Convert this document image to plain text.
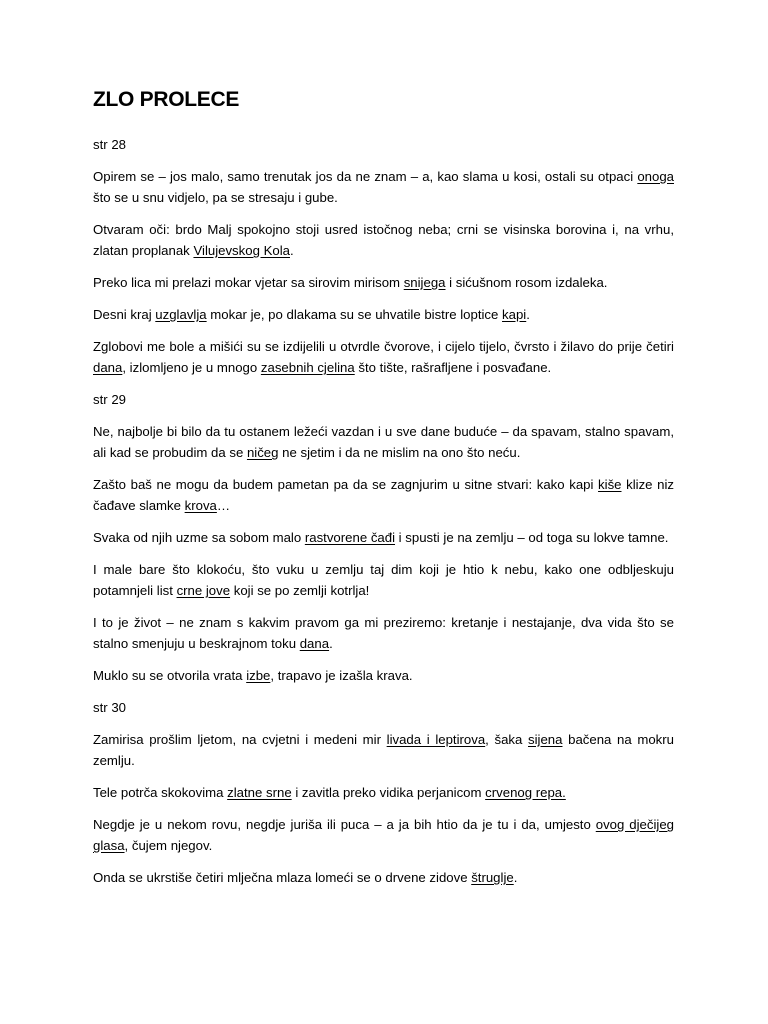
ZLO PROLECE

str 28

Opirem se – jos malo, samo trenutak jos da ne znam – a, kao slama u kosi, ostali su otpaci onoga što se u snu vidjelo, pa se stresaju i gube.

Otvaram oči: brdo Malj spokojno stoji usred istočnog neba; crni se visinska borovina i, na vrhu, zlatan proplanak Vilujevskog Kola.

Preko lica mi prelazi mokar vjetar sa sirovim mirisom snijega i sićušnom rosom izdaleka.

Desni kraj uzglavlja mokar je, po dlakama su se uhvatile bistre loptice kapi.

Zglobovi me bole a mišići su se izdijelili u otvrdle čvorove, i cijelo tijelo, čvrsto i žilavo do prije četiri dana, izlomljeno je u mnogo zasebnih cjelina što tište, rašrafljene i posvađane.

str 29

Ne, najbolje bi bilo da tu ostanem ležeći vazdan i u sve dane buduće – da spavam, stalno spavam, ali kad se probudim da se ničeg ne sjetim i da ne mislim na ono što neću.

Zašto baš ne mogu da budem pametan pa da se zagnjurim u sitne stvari: kako kapi kiše klize niz čađave slamke krova…

Svaka od njih uzme sa sobom malo rastvorene čađi i spusti je na zemlju – od toga su lokve tamne.

I male bare što klokoću, što vuku u zemlju taj dim koji je htio k nebu, kako one odbljeskuju potamnjeli list crne jove koji se po zemlji kotrlja!

I to je život – ne znam s kakvim pravom ga mi preziremo: kretanje i nestajanje, dva vida što se stalno smenjuju u beskrajnom toku dana.

Muklo su se otvorila vrata izbe, trapavo je izašla krava.

str 30

Zamirisa prošlim ljetom, na cvjetni i medeni mir livada i leptirova, šaka sijena bačena na mokru zemlju.

Tele potrča skokovima zlatne srne i zavitla preko vidika perjanicom crvenog repa.

Negdje je u nekom rovu, negdje juriša ili puca – a ja bih htio da je tu i da, umjesto ovog dječijeg glasa, čujem njegov.

Onda se ukrstiše četiri mlječna mlaza lomeći se o drvene zidove štruglje.
